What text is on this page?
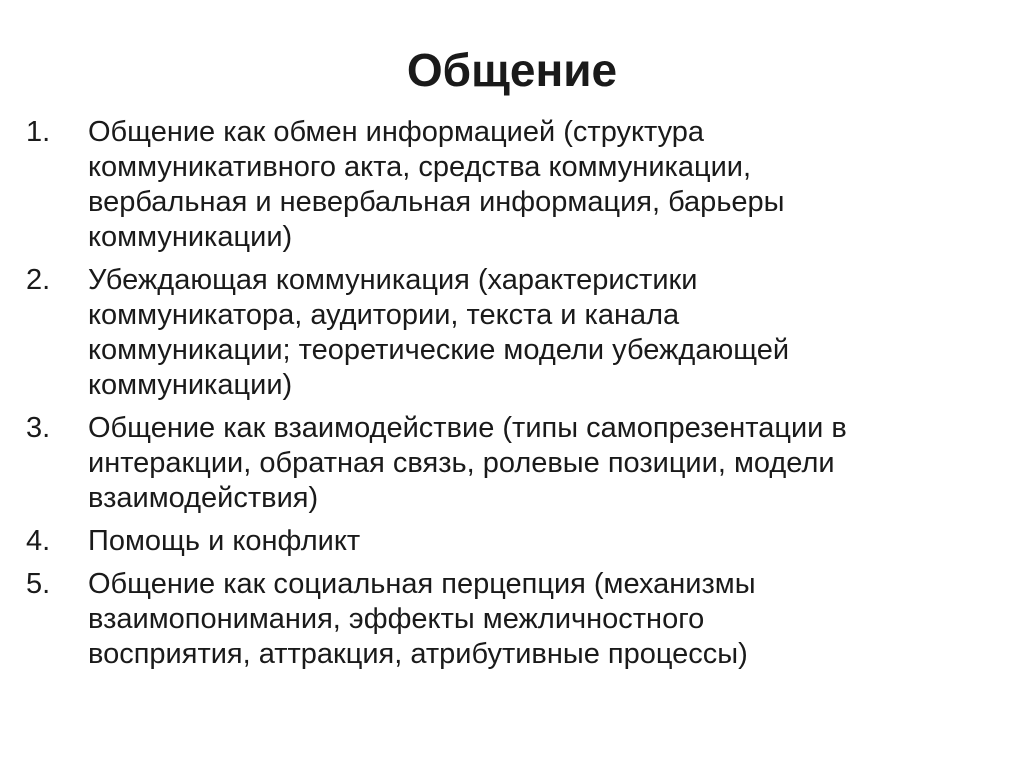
Общение
1.	Общение как обмен информацией (структура
коммуникативного акта, средства коммуникации,
вербальная и невербальная информация, барьеры
коммуникации)
2.	Убеждающая коммуникация (характеристики
коммуникатора, аудитории, текста и канала
коммуникации; теоретические модели убеждающей
коммуникации)
3.	Общение как взаимодействие (типы самопрезентации в
интеракции, обратная связь, ролевые позиции, модели
взаимодействия)
4.	Помощь и конфликт
5.	Общение как социальная перцепция (механизмы
взаимопонимания, эффекты межличностного
восприятия, аттракция, атрибутивные процессы)
